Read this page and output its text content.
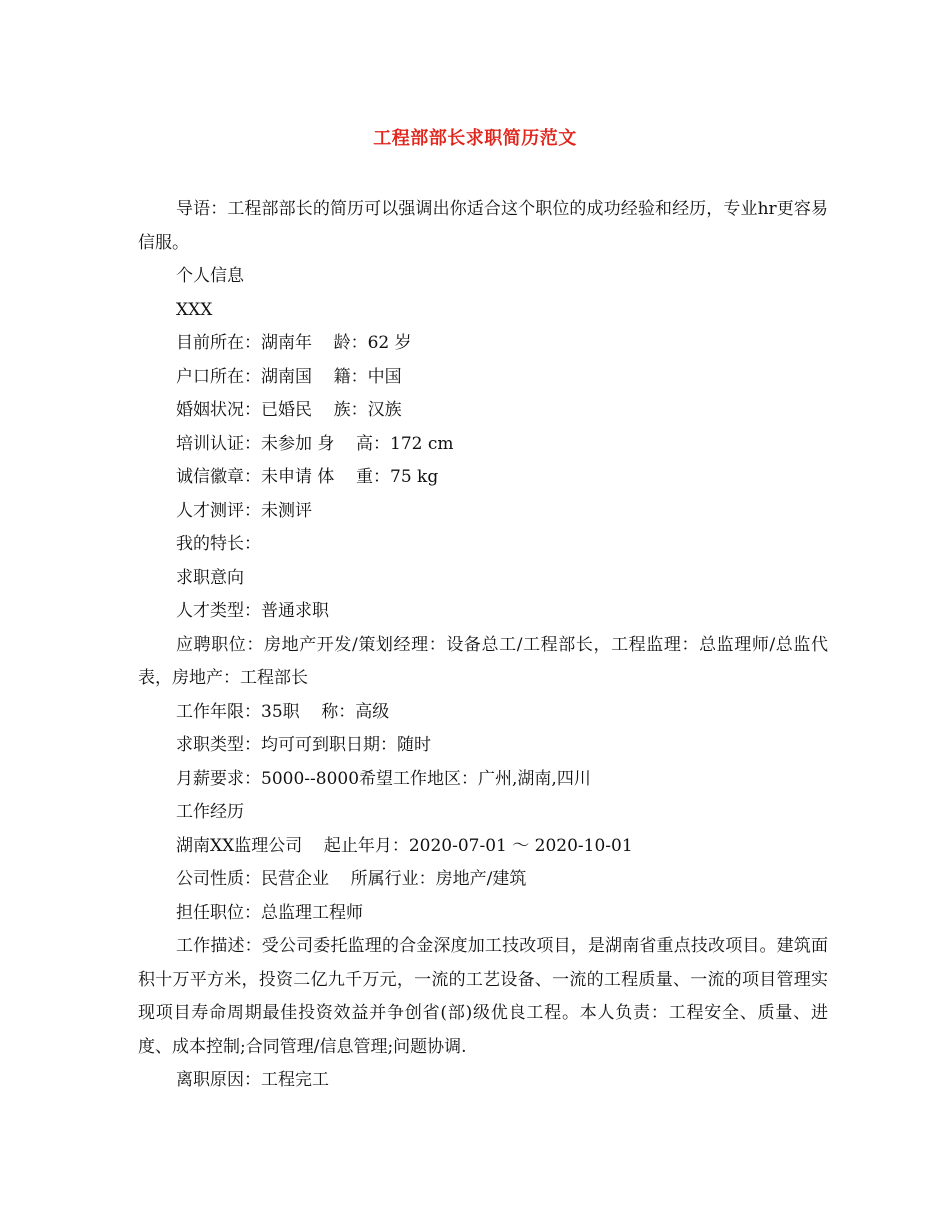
工程部部长求职简历范文

导语：工程部部长的简历可以强调出你适合这个职位的成功经验和经历，专业hr更容易信服。

个人信息

XXX

目前所在：湖南年    龄：62 岁

户口所在：湖南国    籍：中国

婚姻状况：已婚民    族：汉族

培训认证：未参加 身    高：172 cm

诚信徽章：未申请 体    重：75 kg

人才测评：未测评

我的特长：

求职意向

人才类型：普通求职

应聘职位：房地产开发/策划经理：设备总工/工程部长，工程监理：总监理师/总监代表，房地产：工程部长

工作年限：35职    称：高级

求职类型：均可可到职日期：随时

月薪要求：5000--8000希望工作地区：广州,湖南,四川

工作经历

湖南XX监理公司    起止年月：2020-07-01 ～ 2020-10-01

公司性质：民营企业    所属行业：房地产/建筑

担任职位：总监理工程师

工作描述：受公司委托监理的合金深度加工技改项目，是湖南省重点技改项目。建筑面积十万平方米，投资二亿九千万元，一流的工艺设备、一流的工程质量、一流的项目管理实现项目寿命周期最佳投资效益并争创省(部)级优良工程。本人负责：工程安全、质量、进度、成本控制;合同管理/信息管理;问题协调.

离职原因：工程完工
